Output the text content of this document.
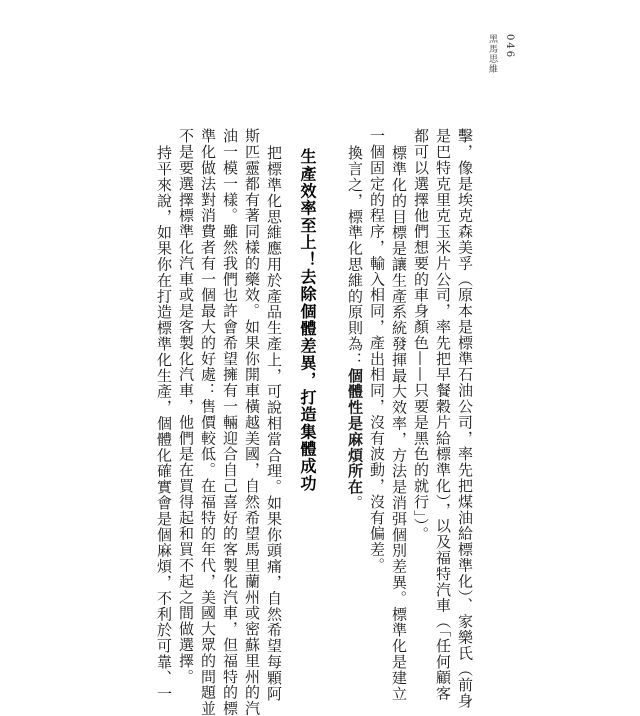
046
黑馬思維
擊，像是埃克森美孚（原本是標準石油公司，率先把煤油給標準化）、家樂氏（前身
是巴特克里克玉米片公司，率先把早餐穀片給標準化），以及福特汽車（「任何顧客
都可以選擇他們想要的車身顏色——只要是黑色的就行」）。
標準化的目標是讓生產系統發揮最大效率，方法是消弭個別差異。標準化是建立
一個固定的程序，輸入相同，產出相同，沒有波動，沒有偏差。
換言之，標準化思維的原則為：個體性是麻煩所在。
生產效率至上！去除個體差異，打造集體成功
把標準化思維應用於產品生產上，可說相當合理。如果你頭痛，自然希望每顆阿
斯匹靈都有著同樣的藥效。如果你開車橫越美國，自然希望馬里蘭州或密蘇里州的汽
油一模一樣。雖然我們也許會希望擁有一輛迎合自己喜好的客製化汽車，但福特的標
準化做法對消費者有一個最大的好處：售價較低。在福特的年代，美國大眾的問題並
不是要選擇標準化汽車或是客製化汽車，他們是在買得起和買不起之間做選擇。
持平來說，如果你在打造標準化生產，個體化確實會是個麻煩，不利於可靠、一
